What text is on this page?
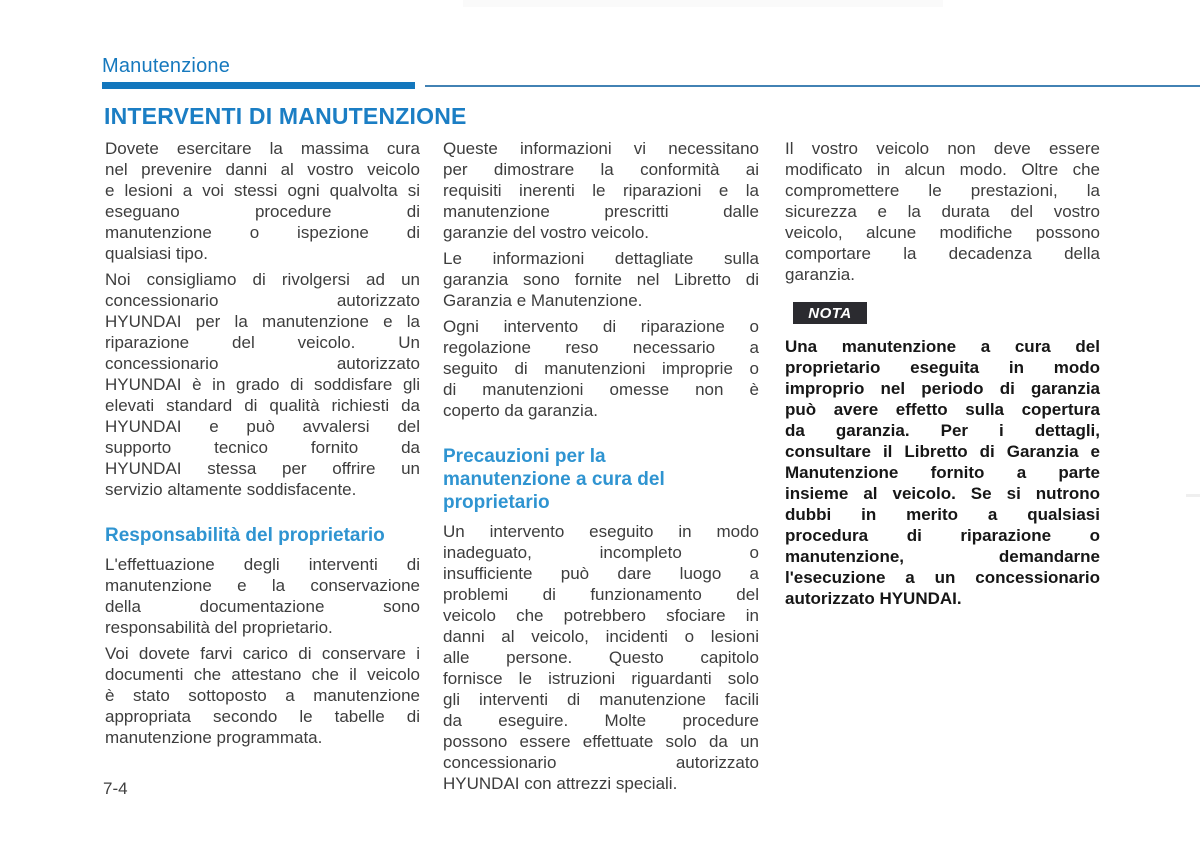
Manutenzione
INTERVENTI DI MANUTENZIONE
Dovete esercitare la massima cura
nel prevenire danni al vostro veicolo
e lesioni a voi stessi ogni qualvolta si
eseguano procedure di
manutenzione o ispezione di
qualsiasi tipo.
Noi consigliamo di rivolgersi ad un
concessionario autorizzato
HYUNDAI per la manutenzione e la
riparazione del veicolo. Un
concessionario autorizzato
HYUNDAI è in grado di soddisfare gli
elevati standard di qualità richiesti da
HYUNDAI e può avvalersi del
supporto tecnico fornito da
HYUNDAI stessa per offrire un
servizio altamente soddisfacente.
Responsabilità del proprietario
L'effettuazione degli interventi di
manutenzione e la conservazione
della documentazione sono
responsabilità del proprietario.
Voi dovete farvi carico di conservare i
documenti che attestano che il veicolo
è stato sottoposto a manutenzione
appropriata secondo le tabelle di
manutenzione programmata.
Queste informazioni vi necessitano
per dimostrare la conformità ai
requisiti inerenti le riparazioni e la
manutenzione prescritti dalle
garanzie del vostro veicolo.
Le informazioni dettagliate sulla
garanzia sono fornite nel Libretto di
Garanzia e Manutenzione.
Ogni intervento di riparazione o
regolazione reso necessario a
seguito di manutenzioni improprie o
di manutenzioni omesse non è
coperto da garanzia.
Precauzioni per la
manutenzione a cura del
proprietario
Un intervento eseguito in modo
inadeguato, incompleto o
insufficiente può dare luogo a
problemi di funzionamento del
veicolo che potrebbero sfociare in
danni al veicolo, incidenti o lesioni
alle persone. Questo capitolo
fornisce le istruzioni riguardanti solo
gli interventi di manutenzione facili
da eseguire. Molte procedure
possono essere effettuate solo da un
concessionario autorizzato
HYUNDAI con attrezzi speciali.
Il vostro veicolo non deve essere
modificato in alcun modo. Oltre che
compromettere le prestazioni, la
sicurezza e la durata del vostro
veicolo, alcune modifiche possono
comportare la decadenza della
garanzia.
NOTA
Una manutenzione a cura del
proprietario eseguita in modo
improprio nel periodo di garanzia
può avere effetto sulla copertura
da garanzia. Per i dettagli,
consultare il Libretto di Garanzia e
Manutenzione fornito a parte
insieme al veicolo. Se si nutrono
dubbi in merito a qualsiasi
procedura di riparazione o
manutenzione, demandarne
l'esecuzione a un concessionario
autorizzato HYUNDAI.
7-4
